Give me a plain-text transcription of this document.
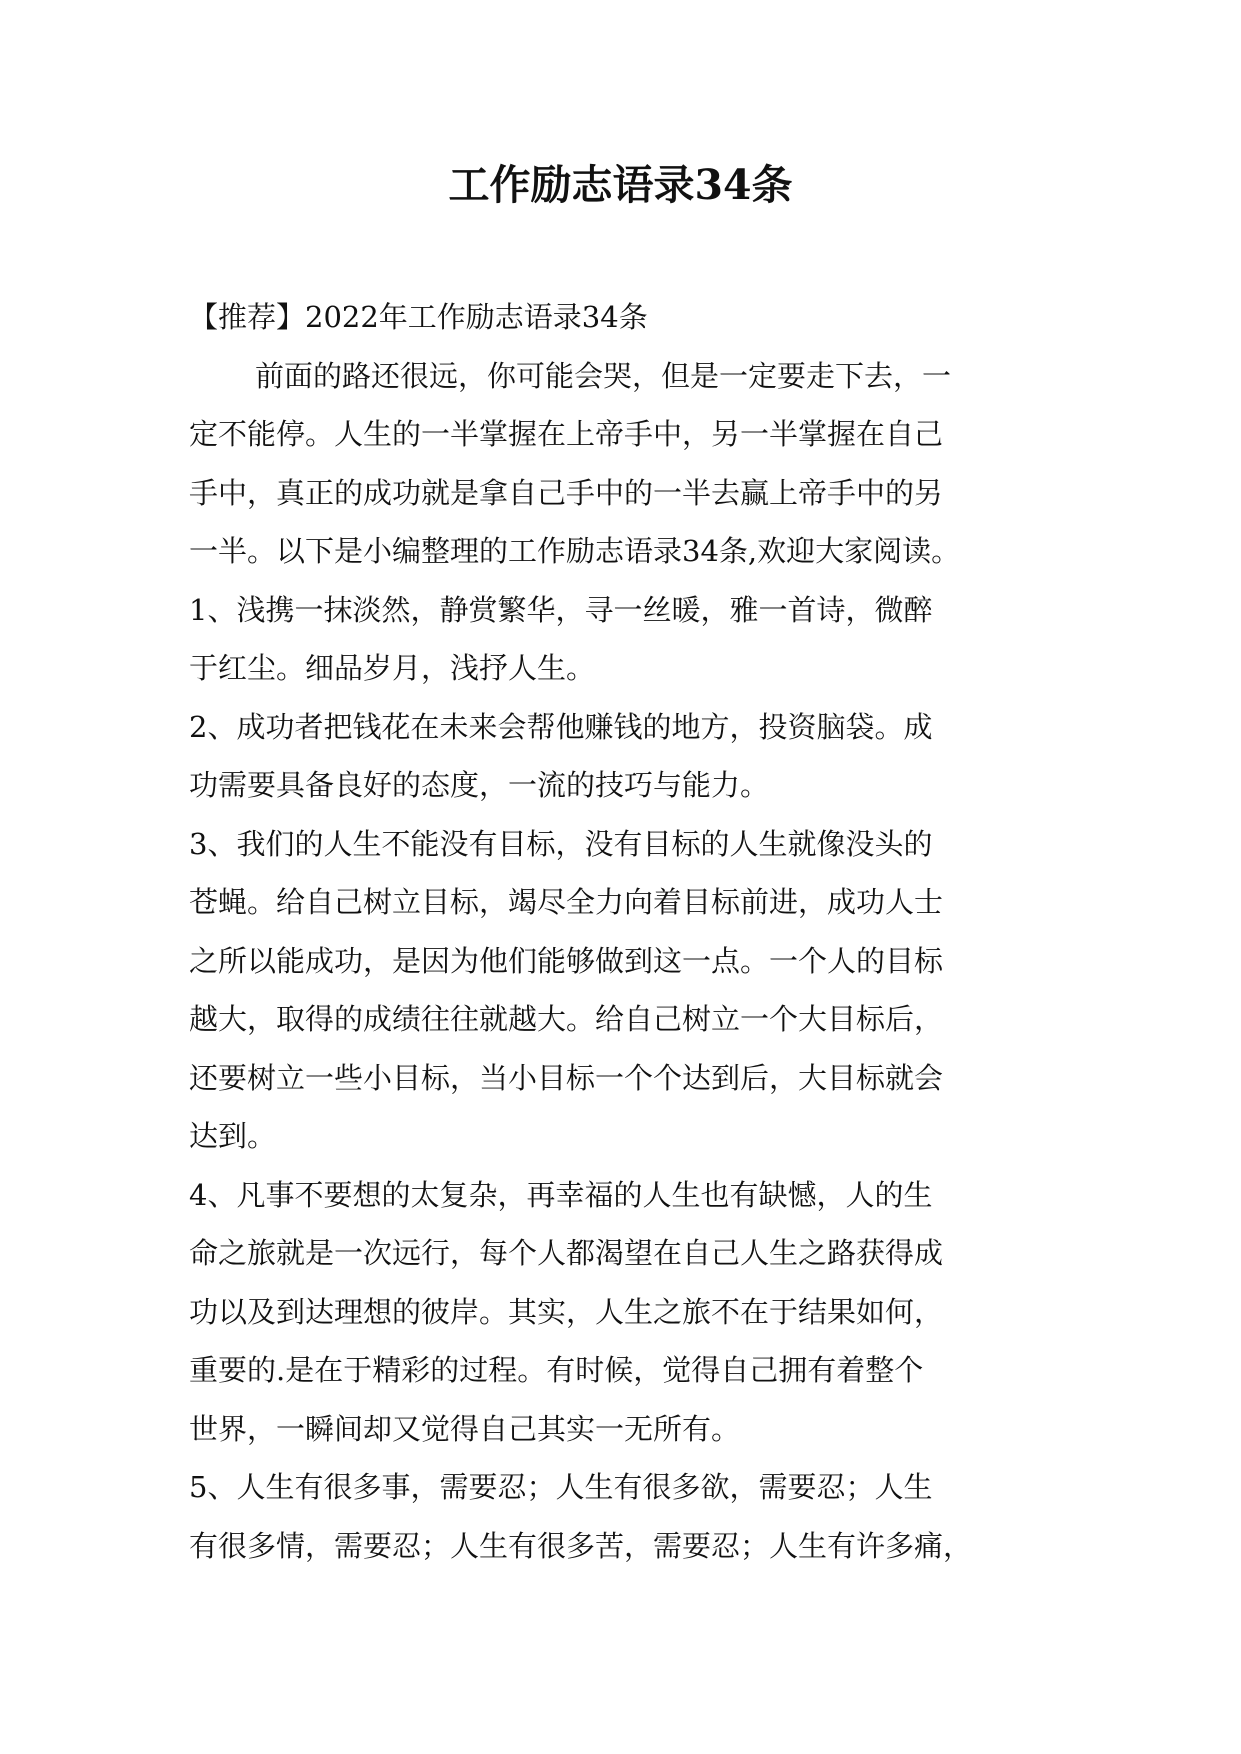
工作励志语录34条

【推荐】2022年工作励志语录34条

前面的路还很远，你可能会哭，但是一定要走下去，一

定不能停。人生的一半掌握在上帝手中，另一半掌握在自己

手中，真正的成功就是拿自己手中的一半去赢上帝手中的另

一半。以下是小编整理的工作励志语录34条,欢迎大家阅读。

1、浅携一抹淡然，静赏繁华，寻一丝暖，雅一首诗，微醉

于红尘。细品岁月，浅抒人生。

2、成功者把钱花在未来会帮他赚钱的地方，投资脑袋。成

功需要具备良好的态度，一流的技巧与能力。

3、我们的人生不能没有目标，没有目标的人生就像没头的

苍蝇。给自己树立目标，竭尽全力向着目标前进，成功人士

之所以能成功，是因为他们能够做到这一点。一个人的目标

越大，取得的成绩往往就越大。给自己树立一个大目标后，

还要树立一些小目标，当小目标一个个达到后，大目标就会

达到。

4、凡事不要想的太复杂，再幸福的人生也有缺憾，人的生

命之旅就是一次远行，每个人都渴望在自己人生之路获得成

功以及到达理想的彼岸。其实，人生之旅不在于结果如何，

重要的.是在于精彩的过程。有时候，觉得自己拥有着整个

世界，一瞬间却又觉得自己其实一无所有。

5、人生有很多事，需要忍；人生有很多欲，需要忍；人生

有很多情，需要忍；人生有很多苦，需要忍；人生有许多痛，
